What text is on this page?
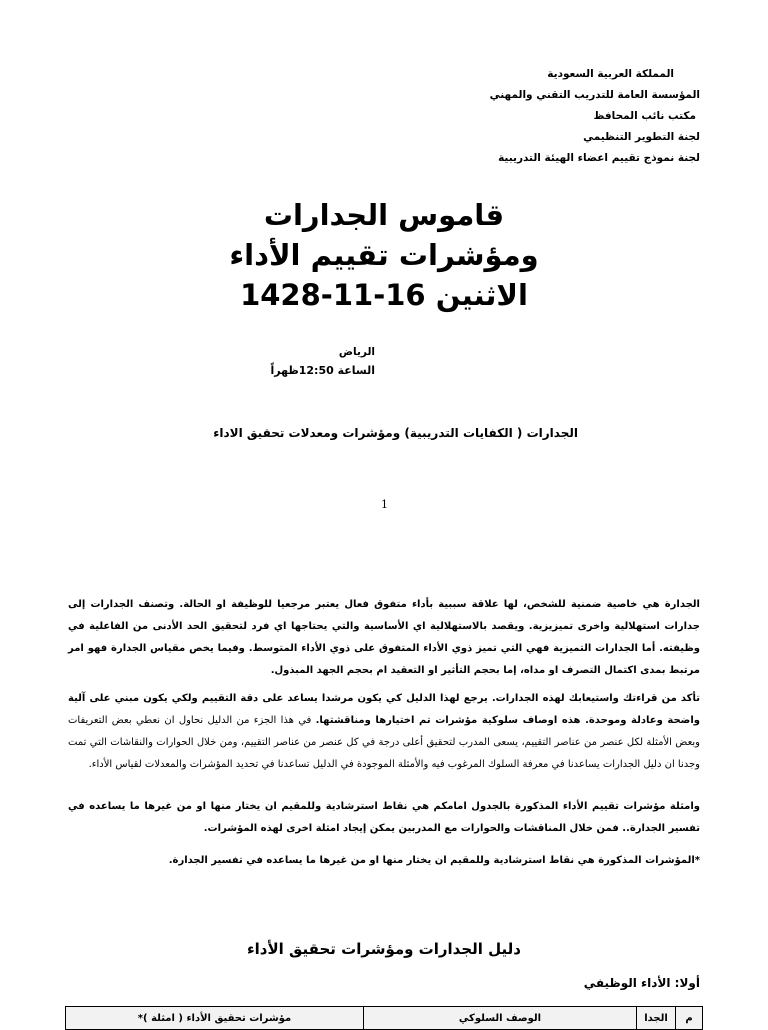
المملكة العربية السعودية
المؤسسة العامة للتدريب التقني والمهني
مكتب نائب المحافظ
لجنة التطوير التنظيمي
لجنة نموذج تقييم اعضاء الهيئة التدريبية
قاموس الجدارات
ومؤشرات تقييم الأداء
الاثنين 16-11-1428
الرياض
الساعة 12:50ظهراً
الجدارات ( الكفايات التدريبية) ومؤشرات ومعدلات تحقيق الاداء
1
الجدارة هي خاصية ضمنية للشخص، لها علاقة سببية بأداء متفوق فعال يعتبر مرجعيا للوظيفة او الحالة. وتصنف الجدارات إلى جدارات استهلالية واخرى تميزيزية. ويقصد بالاستهلالية اي الأساسية والتي يحتاجها اي فرد لتحقيق الحد الأدنى من الفاعلية في وظيفته. أما الجدارات التميزية فهي التي تميز ذوي الأداء المتفوق على ذوي الأداء المتوسط. وفيما يخص مقياس الجدارة فهو امر مرتبط بمدى اكتمال التصرف او مداه، إما بحجم التأثير او التعقيد ام بحجم الجهد المبذول.
تأكد من قراءتك واستيعابك لهذه الجدارات. يرجع لهذا الدليل كي يكون مرشدا يساعد على دقة التقييم ولكي يكون مبني على آلية واضحة وعادلة وموحدة. هذه اوصاف سلوكية مؤشرات تم اختيارها ومناقشتها. في هذا الجزء من الدليل نحاول ان نعطي بعض التعريفات وبعض الأمثلة لكل عنصر من عناصر التقييم، يسعى المدرب لتحقيق أعلى درجة في كل عنصر من عناصر التقييم، ومن خلال الحوارات والنقاشات التي تمت وجدنا ان دليل الجدارات يساعدنا في معرفة السلوك المرغوب فيه والأمثلة الموجودة في الدليل تساعدنا في تحديد المؤشرات والمعدلات لقياس الأداء.
وامثلة مؤشرات تقييم الأداء المذكورة بالجدول امامكم هي نقاط استرشادية وللمقيم ان يختار منها او من غيرها ما يساعده في تفسير الجدارة.. فمن خلال المناقشات والحوارات مع المدربين يمكن إيجاد امثلة اخرى لهذه المؤشرات.
*المؤشرات المذكورة هي نقاط استرشادية وللمقيم ان يختار منها او من غيرها ما يساعده في تفسير الجدارة.
دليل الجدارات ومؤشرات تحقيق الأداء
أولا: الأداء الوظيفي
م	الجدا	الوصف السلوكي	مؤشرات تحقيق الأداء ( امثلة )*
